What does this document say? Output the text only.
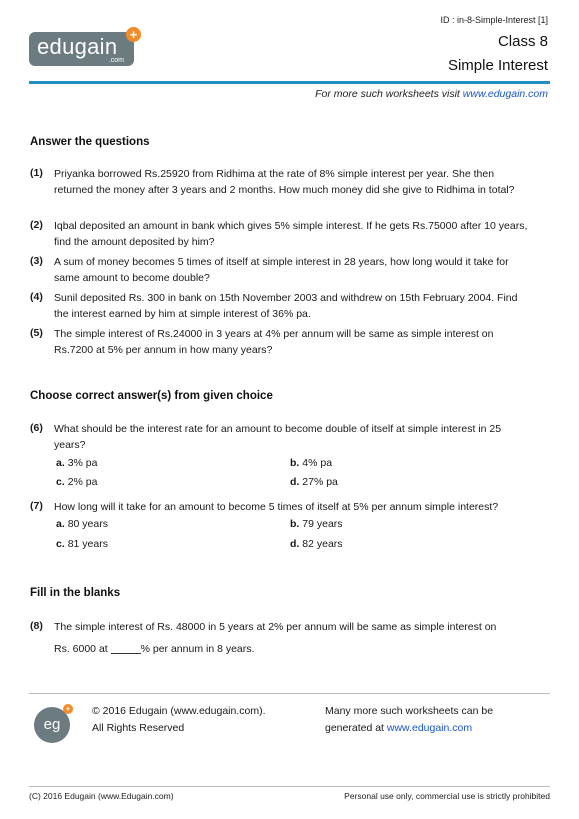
edugain
.com
+
ID : in-8-Simple-Interest [1]
Class 8
Simple Interest
For more such worksheets visit www.edugain.com
Answer the questions
(1) Priyanka borrowed Rs.25920 from Ridhima at the rate of 8% simple interest per year. She then returned the money after 3 years and 2 months. How much money did she give to Ridhima in total?
(2) Iqbal deposited an amount in bank which gives 5% simple interest. If he gets Rs.75000 after 10 years, find the amount deposited by him?
(3) A sum of money becomes 5 times of itself at simple interest in 28 years, how long would it take for same amount to become double?
(4) Sunil deposited Rs. 300 in bank on 15th November 2003 and withdrew on 15th February 2004. Find the interest earned by him at simple interest of 36% pa.
(5) The simple interest of Rs.24000 in 3 years at 4% per annum will be same as simple interest on Rs.7200 at 5% per annum in how many years?
Choose correct answer(s) from given choice
(6) What should be the interest rate for an amount to become double of itself at simple interest in 25 years?
a. 3% pa	b. 4% pa
c. 2% pa	d. 27% pa
(7) How long will it take for an amount to become 5 times of itself at 5% per annum simple interest?
a. 80 years	b. 79 years
c. 81 years	d. 82 years
Fill in the blanks
(8) The simple interest of Rs. 48000 in 5 years at 2% per annum will be same as simple interest on
Rs. 6000 at	% per annum in 8 years.
eg
+ © 2016 Edugain (www.edugain.com).
All Rights Reserved
Many more such worksheets can be
generated at www.edugain.com
(C) 2016 Edugain (www.Edugain.com)	Personal use only, commercial use is strictly prohibited
